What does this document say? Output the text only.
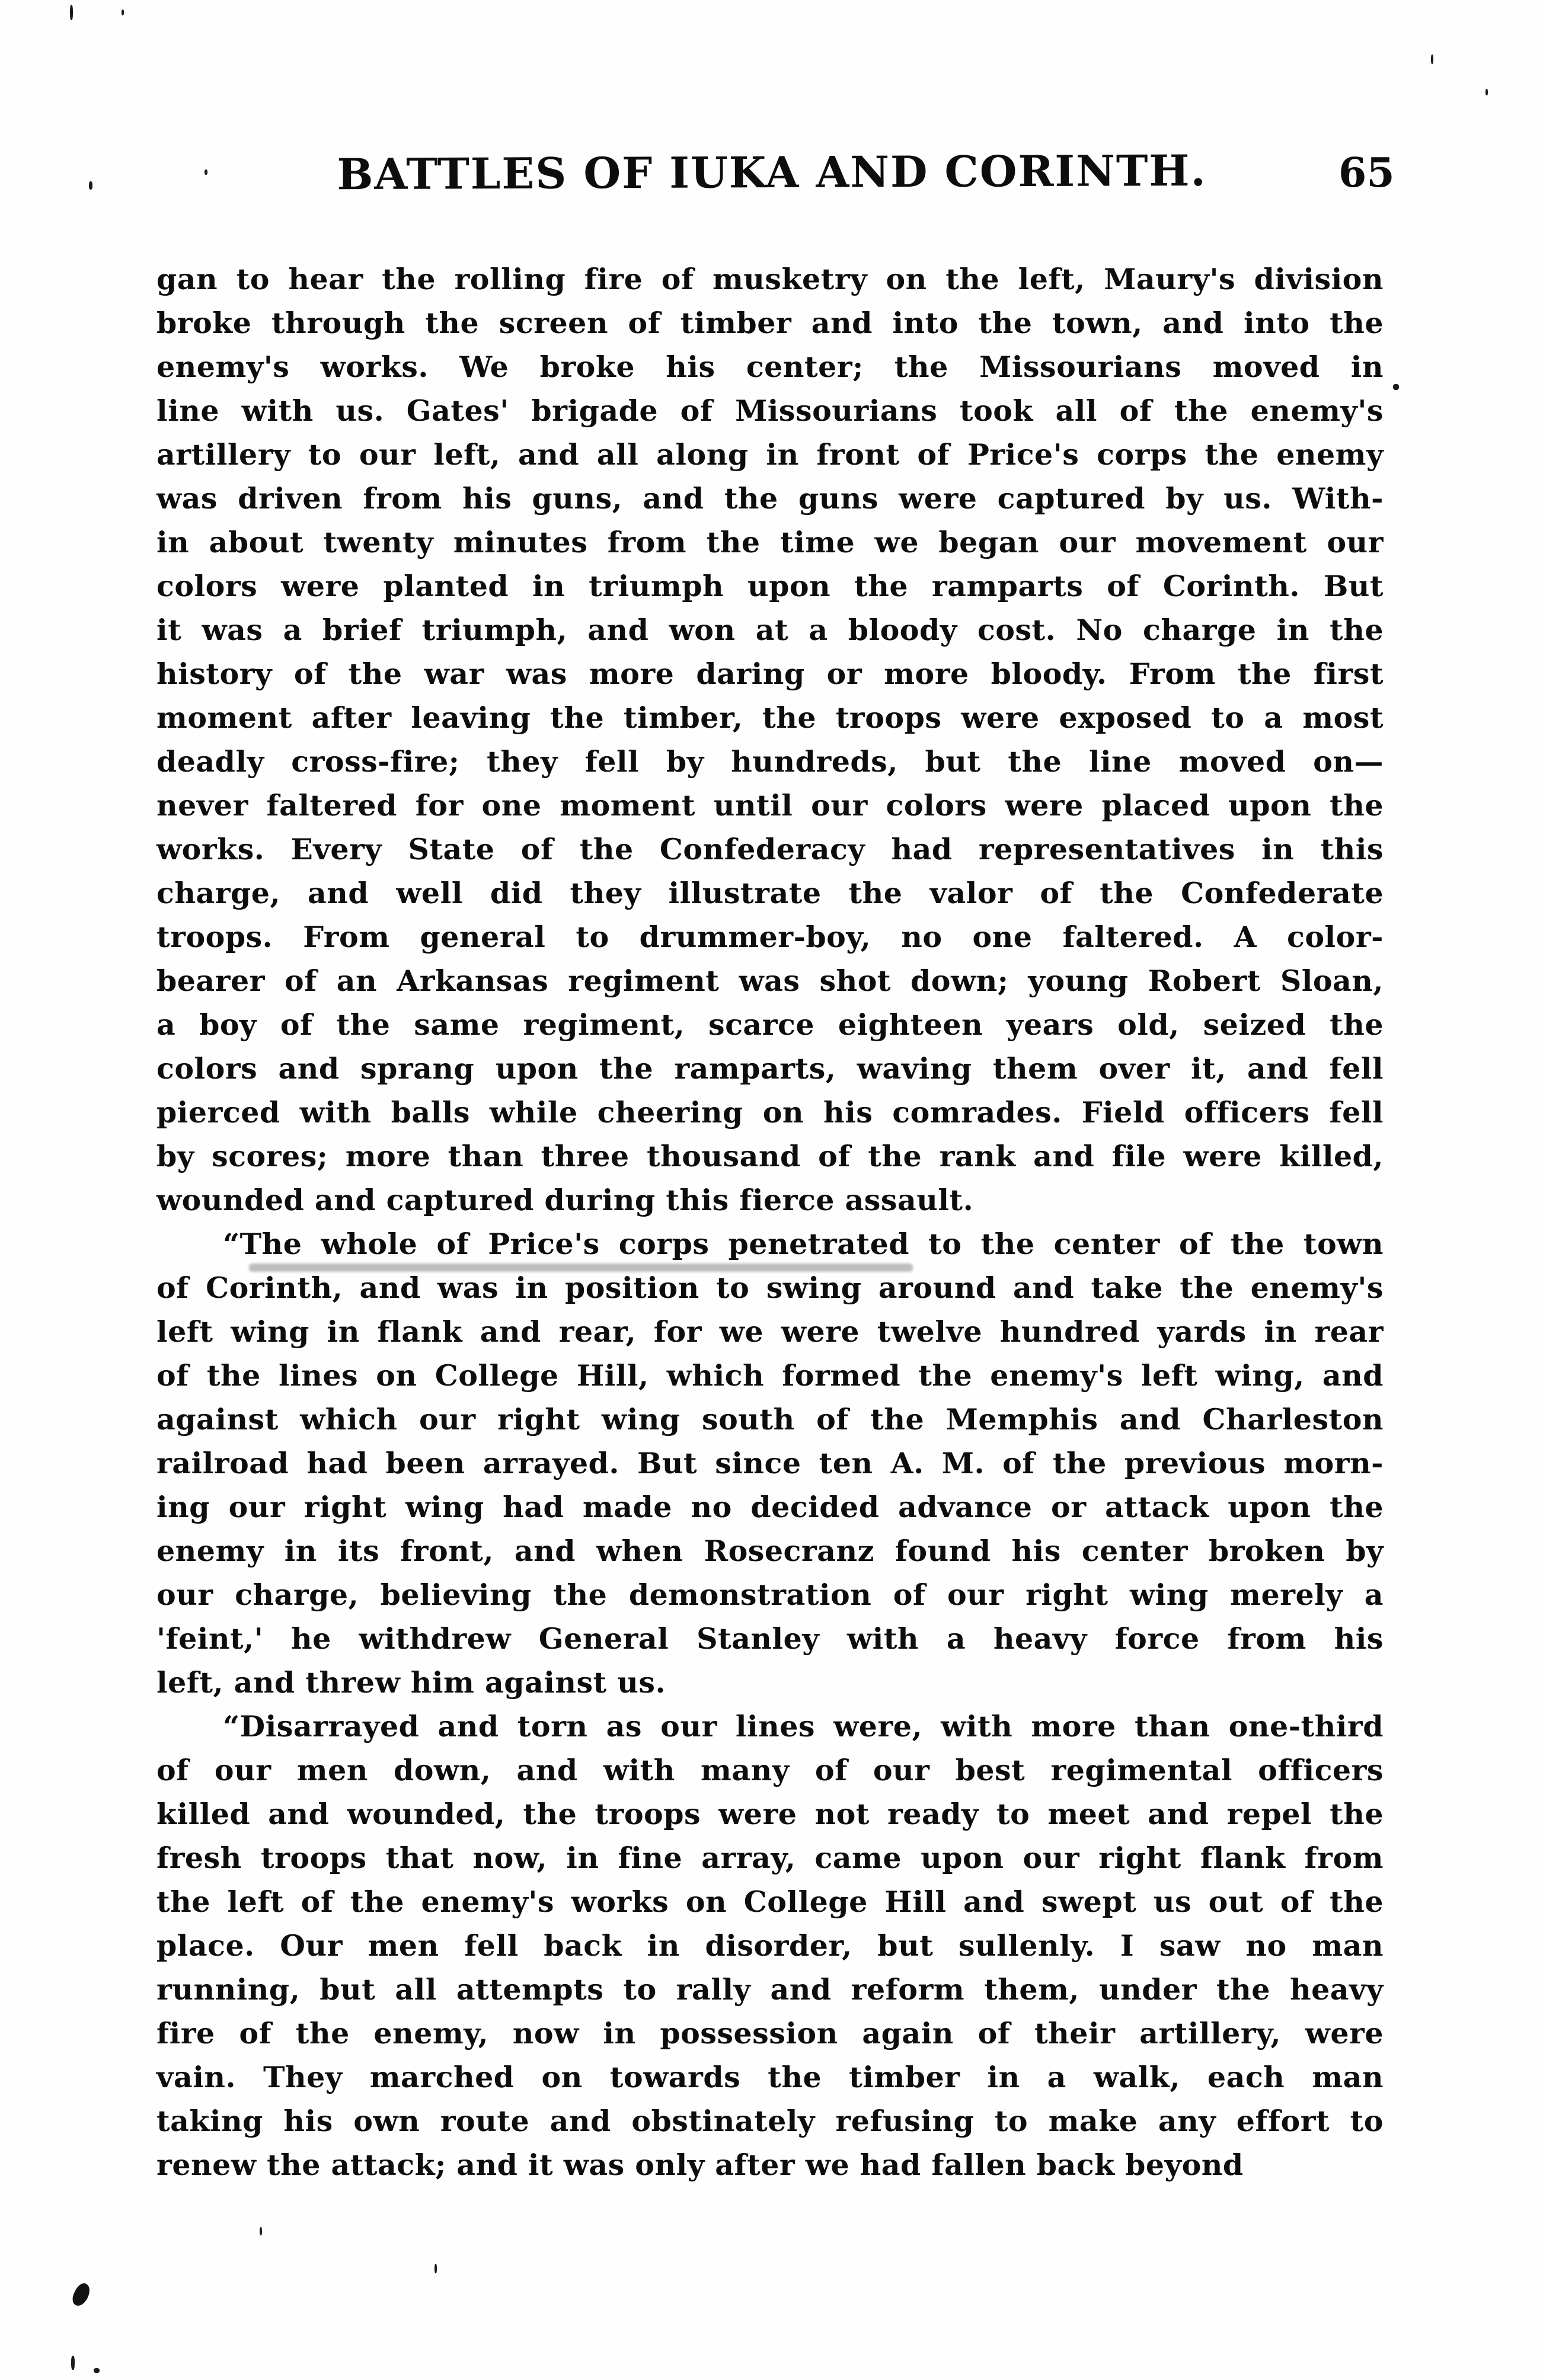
BATTLES OF IUKA AND CORINTH.	65
gan to hear the rolling fire of musketry on the left, Maury's division
broke through the screen of timber and into the town, and into the
enemy's works. We broke his center; the Missourians moved in
line with us. Gates' brigade of Missourians took all of the enemy's
artillery to our left, and all along in front of Price's corps the enemy
was driven from his guns, and the guns were captured by us. With-
in about twenty minutes from the time we began our movement our
colors were planted in triumph upon the ramparts of Corinth. But
it was a brief triumph, and won at a bloody cost. No charge in the
history of the war was more daring or more bloody. From the first
moment after leaving the timber, the troops were exposed to a most
deadly cross-fire; they fell by hundreds, but the line moved on—
never faltered for one moment until our colors were placed upon the
works. Every State of the Confederacy had representatives in this
charge, and well did they illustrate the valor of the Confederate
troops. From general to drummer-boy, no one faltered. A color-
bearer of an Arkansas regiment was shot down; young Robert Sloan,
a boy of the same regiment, scarce eighteen years old, seized the
colors and sprang upon the ramparts, waving them over it, and fell
pierced with balls while cheering on his comrades. Field officers fell
by scores; more than three thousand of the rank and file were killed,
wounded and captured during this fierce assault.
“The whole of Price's corps penetrated to the center of the town
of Corinth, and was in position to swing around and take the enemy's
left wing in flank and rear, for we were twelve hundred yards in rear
of the lines on College Hill, which formed the enemy's left wing, and
against which our right wing south of the Memphis and Charleston
railroad had been arrayed. But since ten A. M. of the previous morn-
ing our right wing had made no decided advance or attack upon the
enemy in its front, and when Rosecranz found his center broken by
our charge, believing the demonstration of our right wing merely a
'feint,' he withdrew General Stanley with a heavy force from his
left, and threw him against us.
“Disarrayed and torn as our lines were, with more than one-third
of our men down, and with many of our best regimental officers
killed and wounded, the troops were not ready to meet and repel the
fresh troops that now, in fine array, came upon our right flank from
the left of the enemy's works on College Hill and swept us out of the
place. Our men fell back in disorder, but sullenly. I saw no man
running, but all attempts to rally and reform them, under the heavy
fire of the enemy, now in possession again of their artillery, were
vain. They marched on towards the timber in a walk, each man
taking his own route and obstinately refusing to make any effort to
renew the attack; and it was only after we had fallen back beyond
